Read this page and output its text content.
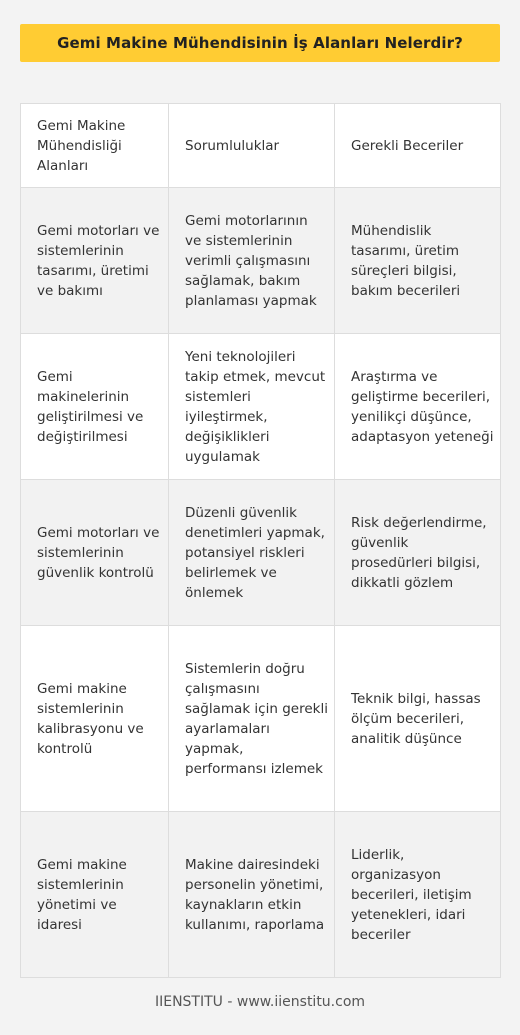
Gemi Makine Mühendisinin İş Alanları Nelerdir?
Gemi Makine Mühendisliği Alanları	Sorumluluklar	Gerekli Beceriler
Gemi motorları ve sistemlerinin tasarımı, üretimi ve bakımı	Gemi motorlarının ve sistemlerinin verimli çalışmasını sağlamak, bakım planlaması yapmak	Mühendislik tasarımı, üretim süreçleri bilgisi, bakım becerileri
Gemi makinelerinin geliştirilmesi ve değiştirilmesi	Yeni teknolojileri takip etmek, mevcut sistemleri iyileştirmek, değişiklikleri uygulamak	Araştırma ve geliştirme becerileri, yenilikçi düşünce, adaptasyon yeteneği
Gemi motorları ve sistemlerinin güvenlik kontrolü	Düzenli güvenlik denetimleri yapmak, potansiyel riskleri belirlemek ve önlemek	Risk değerlendirme, güvenlik prosedürleri bilgisi, dikkatli gözlem
Gemi makine sistemlerinin kalibrasyonu ve kontrolü	Sistemlerin doğru çalışmasını sağlamak için gerekli ayarlamaları yapmak, performansı izlemek	Teknik bilgi, hassas ölçüm becerileri, analitik düşünce
Gemi makine sistemlerinin yönetimi ve idaresi	Makine dairesindeki personelin yönetimi, kaynakların etkin kullanımı, raporlama	Liderlik, organizasyon becerileri, iletişim yetenekleri, idari beceriler
IIENSTITU - www.iienstitu.com
